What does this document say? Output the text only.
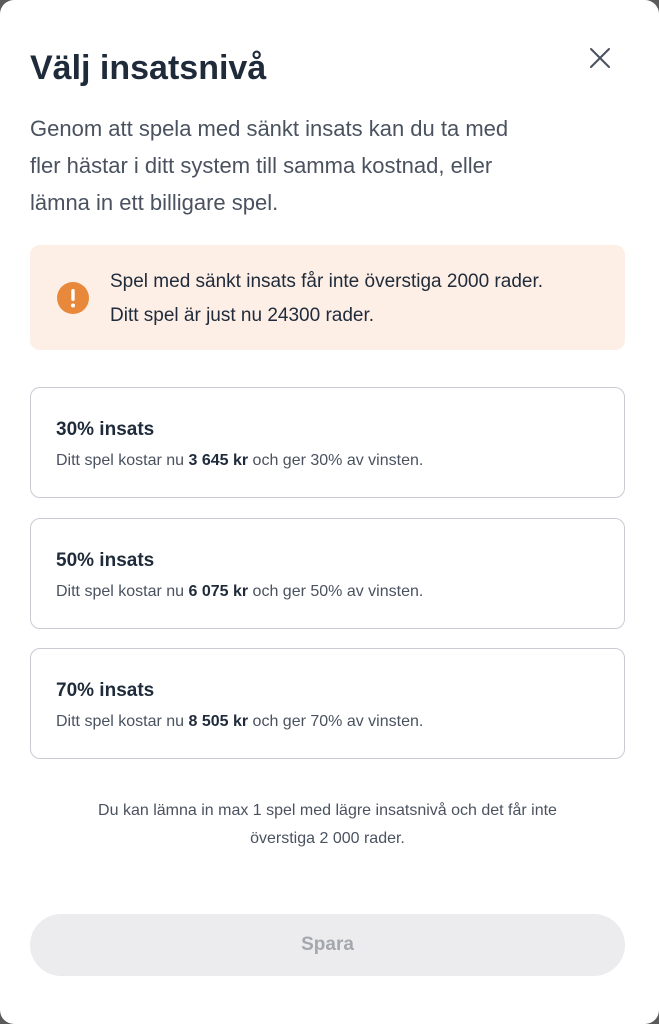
Välj insatsnivå

Genom att spela med sänkt insats kan du ta med fler hästar i ditt system till samma kostnad, eller lämna in ett billigare spel.

Spel med sänkt insats får inte överstiga 2000 rader.
Ditt spel är just nu 24300 rader.
30% insats
Ditt spel kostar nu 3 645 kr och ger 30% av vinsten.
50% insats
Ditt spel kostar nu 6 075 kr och ger 50% av vinsten.
70% insats
Ditt spel kostar nu 8 505 kr och ger 70% av vinsten.
Du kan lämna in max 1 spel med lägre insatsnivå och det får inte
överstiga 2 000 rader.
Spara
